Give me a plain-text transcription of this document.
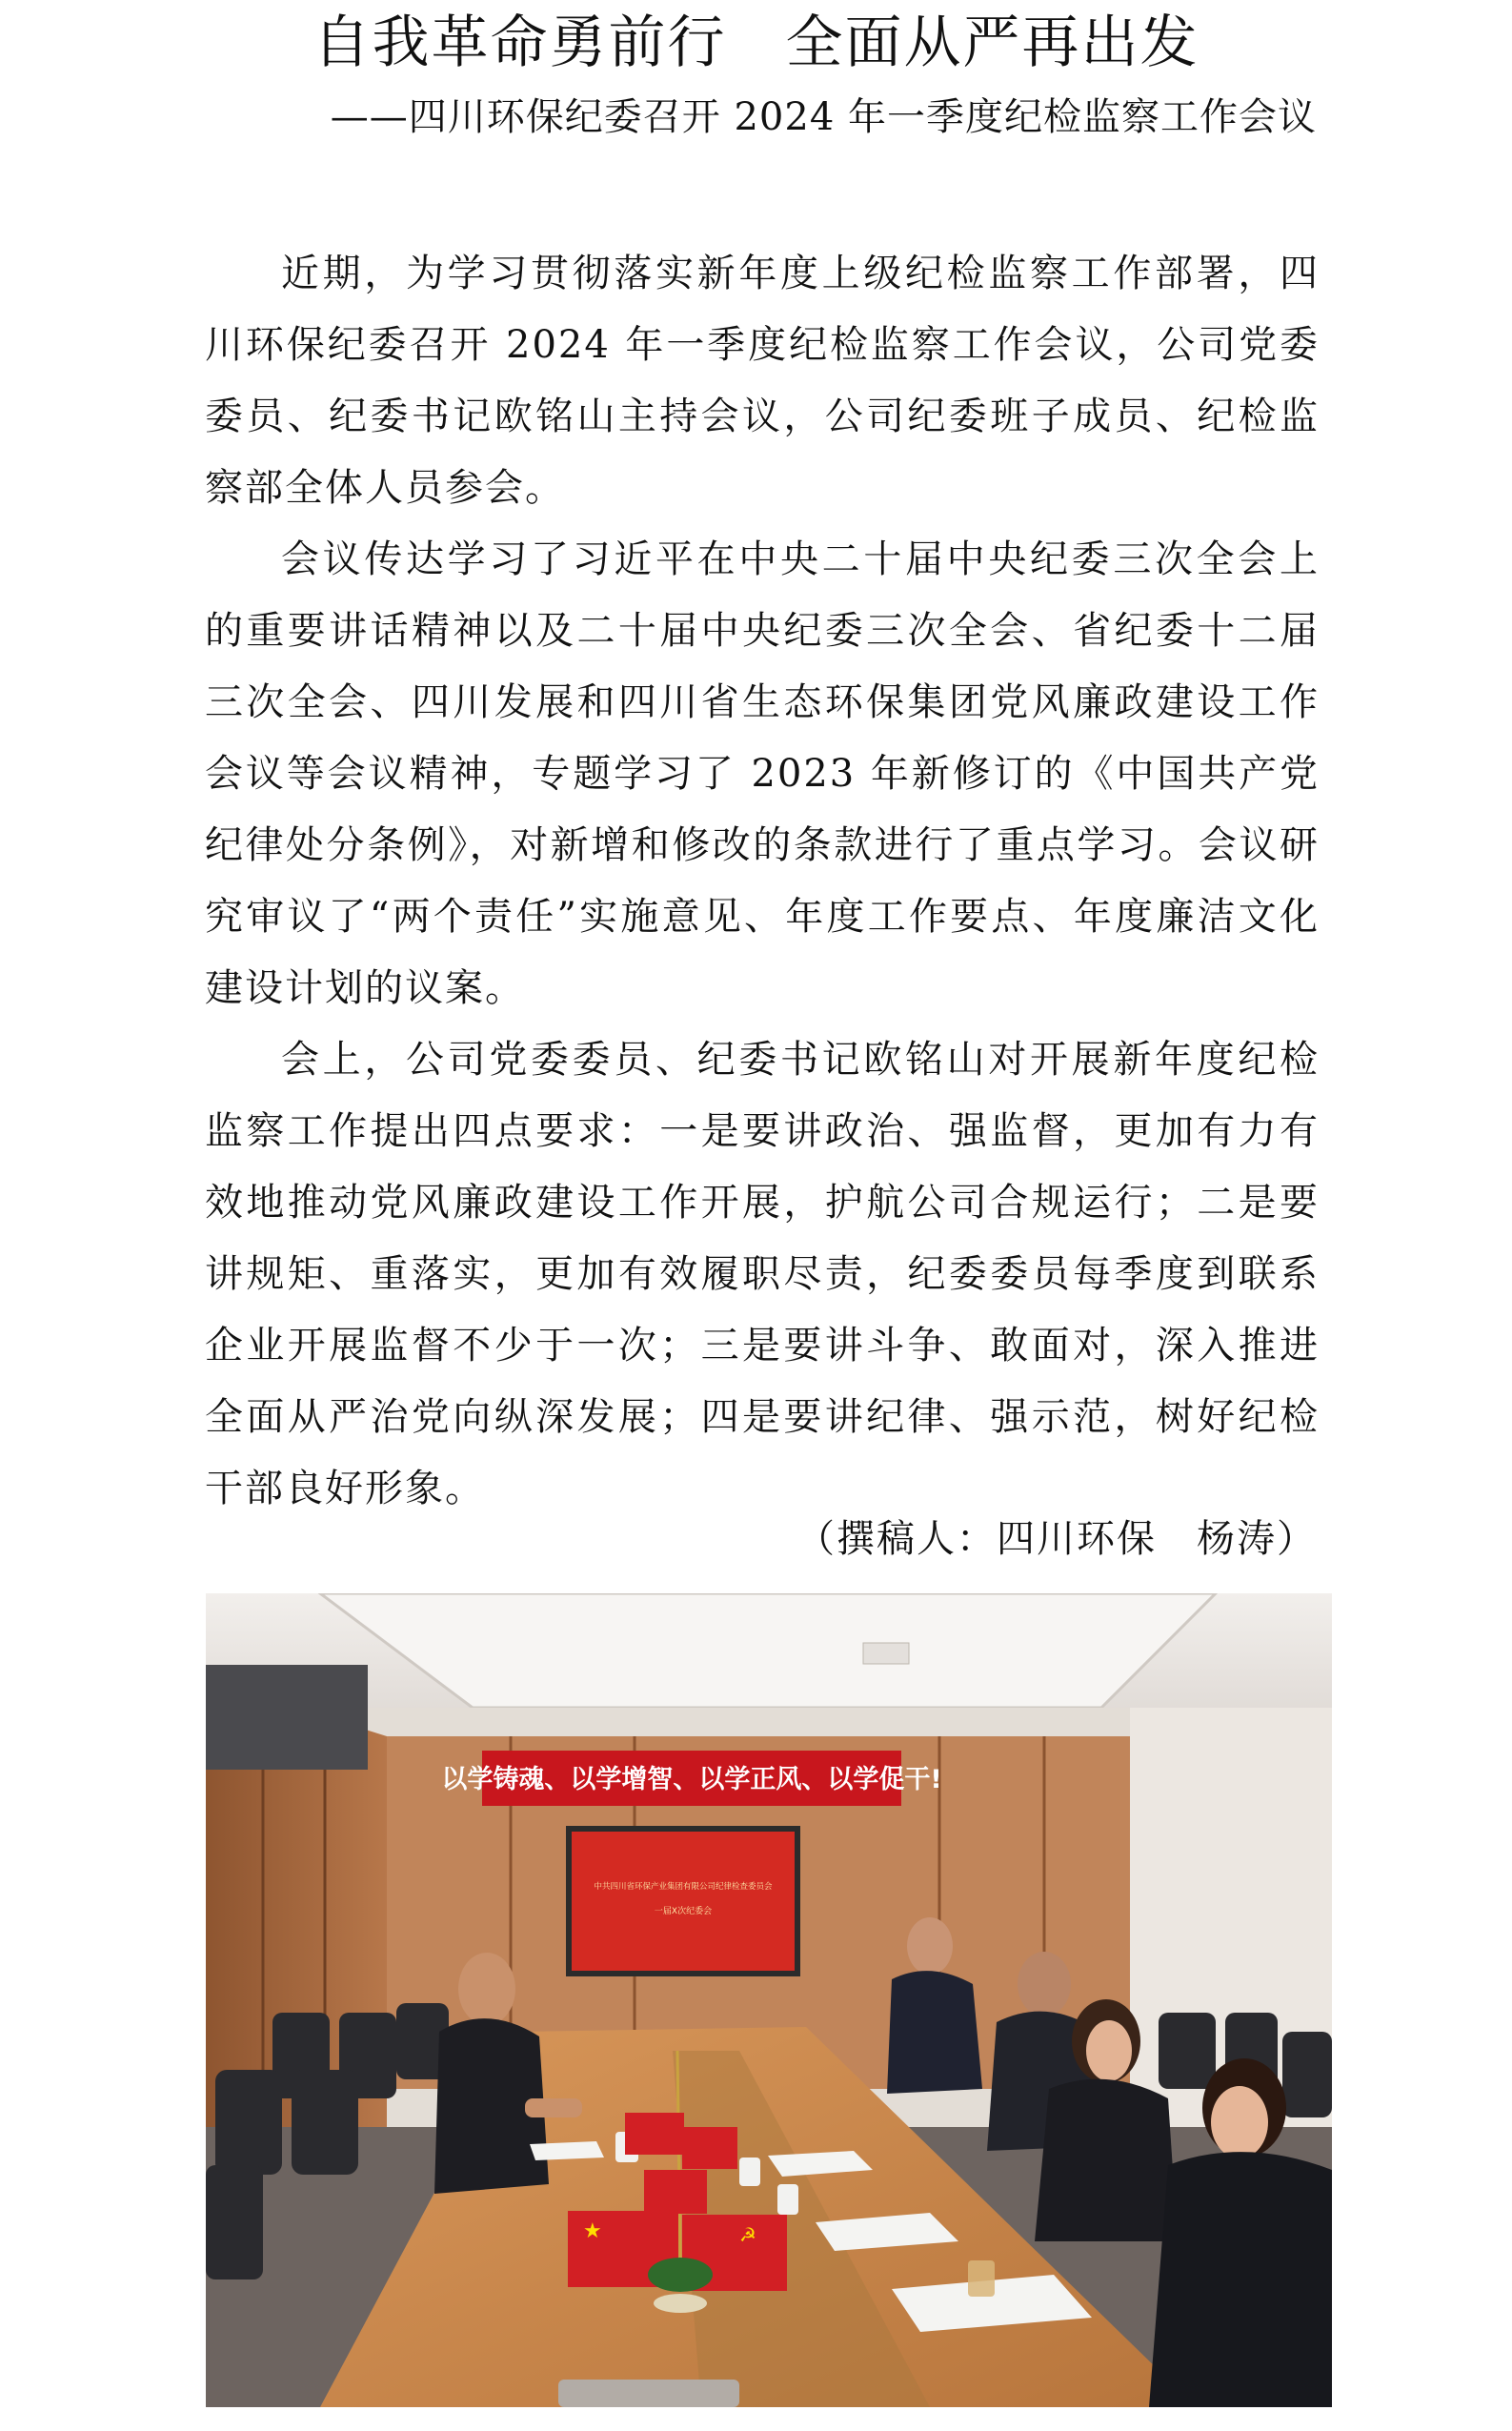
自我革命勇前行　全面从严再出发

——四川环保纪委召开 2024 年一季度纪检监察工作会议

近期，为学习贯彻落实新年度上级纪检监察工作部署，四川环保纪委召开 2024 年一季度纪检监察工作会议，公司党委委员、纪委书记欧铭山主持会议，公司纪委班子成员、纪检监察部全体人员参会。

会议传达学习了习近平在中央二十届中央纪委三次全会上的重要讲话精神以及二十届中央纪委三次全会、省纪委十二届三次全会、四川发展和四川省生态环保集团党风廉政建设工作会议等会议精神，专题学习了 2023 年新修订的《中国共产党纪律处分条例》，对新增和修改的条款进行了重点学习。会议研究审议了“两个责任”实施意见、年度工作要点、年度廉洁文化建设计划的议案。

会上，公司党委委员、纪委书记欧铭山对开展新年度纪检监察工作提出四点要求：一是要讲政治、强监督，更加有力有效地推动党风廉政建设工作开展，护航公司合规运行；二是要讲规矩、重落实，更加有效履职尽责，纪委委员每季度到联系企业开展监督不少于一次；三是要讲斗争、敢面对，深入推进全面从严治党向纵深发展；四是要讲纪律、强示范，树好纪检干部良好形象。

（撰稿人：四川环保　杨涛）

以学铸魂、以学增智、以学正风、以学促干!
中共四川省环保产业集团有限公司纪律检查委员会
一届X次纪委会
★	☭
